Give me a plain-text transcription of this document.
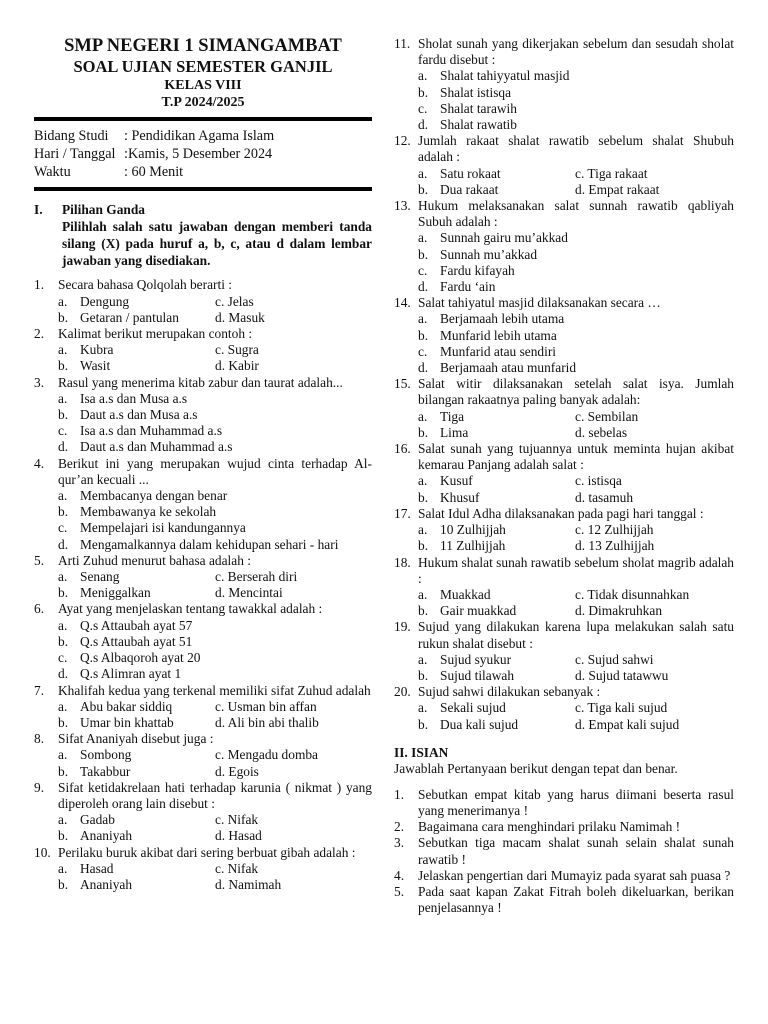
SMP NEGERI 1 SIMANGAMBAT
SOAL UJIAN SEMESTER GANJIL
KELAS VIII
T.P 2024/2025
Bidang Studi	: Pendidikan Agama Islam
Hari / Tanggal :Kamis, 5 Desember 2024
Waktu	: 60 Menit
I.	Pilihan Ganda
Pilihlah salah satu jawaban dengan memberi tanda silang (X) pada huruf a, b, c, atau d dalam lembar jawaban yang disediakan.
1.	Secara bahasa Qolqolah berarti :
a. Dengung	c. Jelas
b. Getaran / pantulan	d. Masuk
2.	Kalimat berikut merupakan contoh :
a. Kubra	c. Sugra
b. Wasit	d. Kabir
3.	Rasul yang menerima kitab zabur dan taurat adalah...
a. Isa a.s dan Musa a.s
b. Daut a.s dan Musa a.s
c. Isa a.s dan Muhammad a.s
d. Daut a.s dan Muhammad a.s
4.	Berikut ini yang merupakan wujud cinta terhadap Al-qur’an kecuali ...
a. Membacanya dengan benar
b. Membawanya ke sekolah
c. Mempelajari isi kandungannya
d. Mengamalkannya dalam kehidupan sehari - hari
5.	Arti Zuhud menurut bahasa adalah :
a. Senang	c. Berserah diri
b. Meniggalkan	d. Mencintai
6.	Ayat yang menjelaskan tentang tawakkal adalah :
a. Q.s Attaubah ayat 57
b. Q.s Attaubah ayat 51
c. Q.s Albaqoroh ayat 20
d. Q.s Alimran ayat 1
7.	Khalifah kedua yang terkenal memiliki sifat Zuhud adalah
a. Abu bakar siddiq	c. Usman bin affan
b. Umar bin khattab	d. Ali bin abi thalib
8.	Sifat Ananiyah disebut juga :
a. Sombong	c. Mengadu domba
b. Takabbur	d. Egois
9.	Sifat ketidakrelaan hati terhadap karunia ( nikmat ) yang diperoleh orang lain disebut :
a. Gadab	c. Nifak
b. Ananiyah	d. Hasad
10. Perilaku buruk akibat dari sering berbuat gibah adalah :
a. Hasad	c. Nifak
b. Ananiyah	d. Namimah
11. Sholat sunah yang dikerjakan sebelum dan sesudah sholat fardu disebut :
a. Shalat tahiyyatul masjid
b. Shalat istisqa
c. Shalat tarawih
d. Shalat rawatib
12. Jumlah rakaat shalat rawatib sebelum shalat Shubuh adalah :
a. Satu rokaat	c. Tiga rakaat
b. Dua rakaat	d. Empat rakaat
13. Hukum melaksanakan salat sunnah rawatib qabliyah Subuh adalah :
a. Sunnah gairu mu’akkad
b. Sunnah mu’akkad
c. Fardu kifayah
d. Fardu ‘ain
14. Salat tahiyatul masjid dilaksanakan secara …
a. Berjamaah lebih utama
b. Munfarid lebih utama
c. Munfarid atau sendiri
d. Berjamaah atau munfarid
15. Salat witir dilaksanakan setelah salat isya. Jumlah bilangan rakaatnya paling banyak adalah:
a. Tiga	c. Sembilan
b. Lima	d. sebelas
16. Salat sunah yang tujuannya untuk meminta hujan akibat kemarau Panjang adalah salat :
a. Kusuf	c. istisqa
b. Khusuf	d. tasamuh
17. Salat Idul Adha dilaksanakan pada pagi hari tanggal :
a. 10 Zulhijjah	c. 12 Zulhijjah
b. 11 Zulhijjah	d. 13 Zulhijjah
18. Hukum shalat sunah rawatib sebelum sholat magrib adalah :
a. Muakkad	c. Tidak disunnahkan
b. Gair muakkad	d. Dimakruhkan
19. Sujud yang dilakukan karena lupa melakukan salah satu rukun shalat disebut :
a. Sujud syukur	c. Sujud sahwi
b. Sujud tilawah	d. Sujud tatawwu
20. Sujud sahwi dilakukan sebanyak :
a. Sekali sujud	c. Tiga kali sujud
b. Dua kali sujud	d. Empat kali sujud
II. ISIAN
Jawablah Pertanyaan berikut dengan tepat dan benar.
1.	Sebutkan empat kitab yang harus diimani beserta rasul yang menerimanya !
2.	Bagaimana cara menghindari prilaku Namimah !
3.	Sebutkan tiga macam shalat sunah selain shalat sunah rawatib !
4.	Jelaskan pengertian dari Mumayiz pada syarat sah puasa ?
5.	Pada saat kapan Zakat Fitrah boleh dikeluarkan, berikan penjelasannya !
